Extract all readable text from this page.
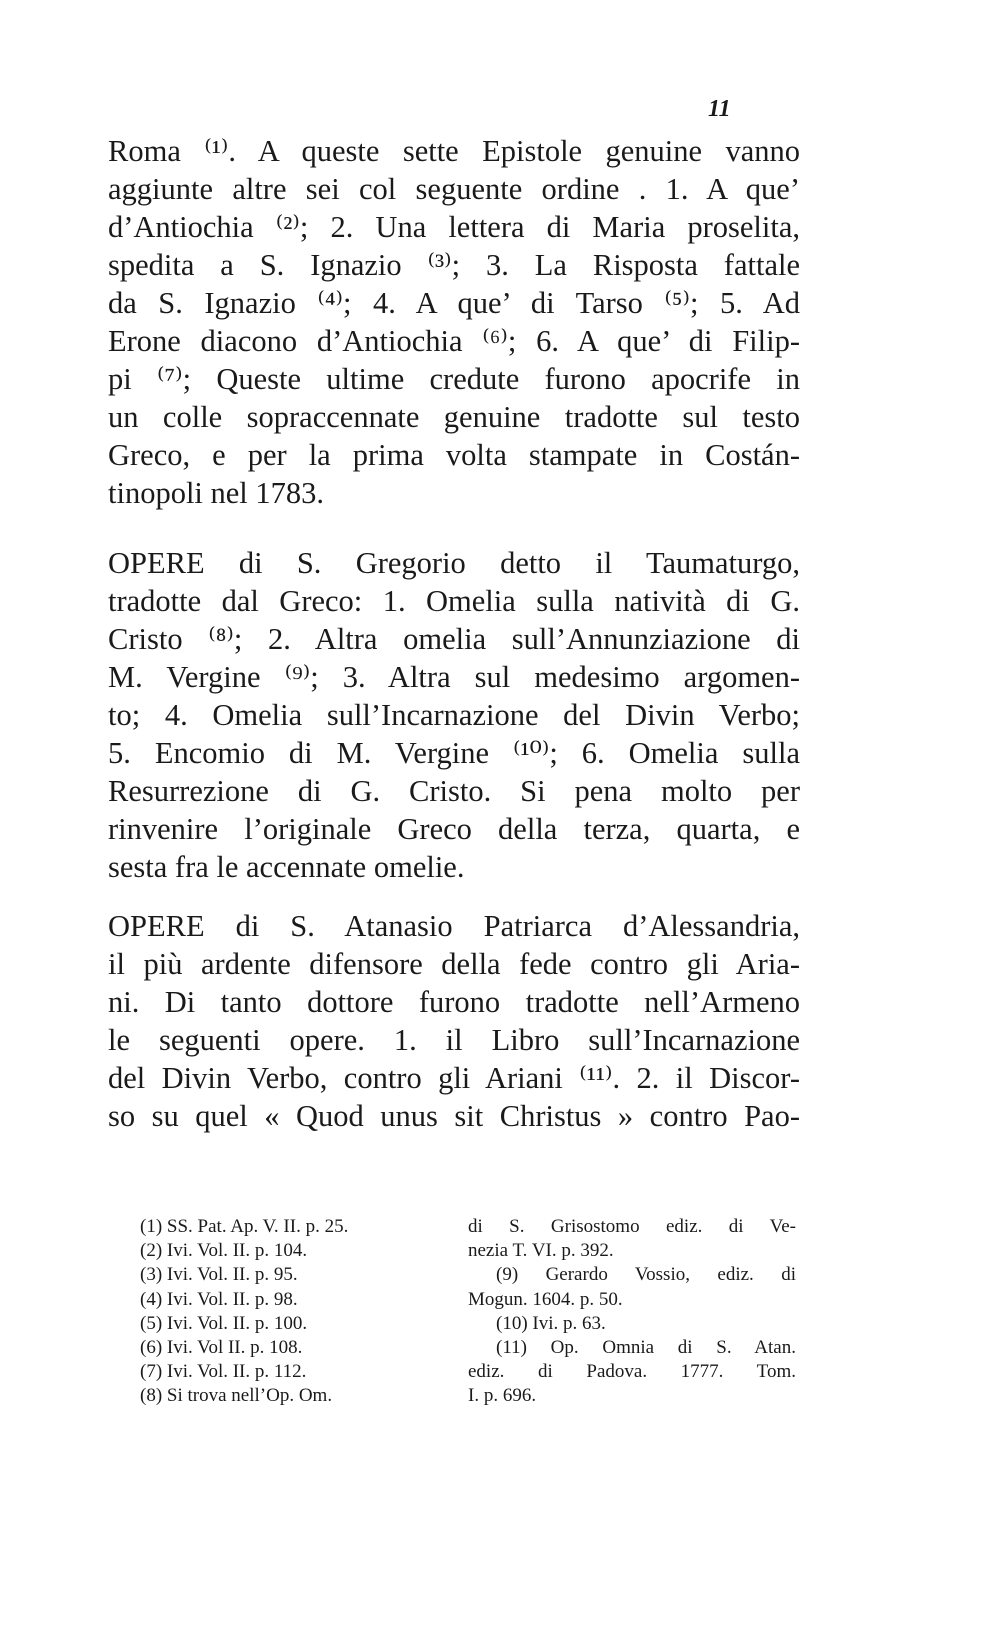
11
Roma ⁽¹⁾. A queste sette Epistole genuine vanno
aggiunte altre sei col seguente ordine . 1. A que’
d’Antiochia ⁽²⁾; 2. Una lettera di Maria proselita,
spedita a S. Ignazio ⁽³⁾; 3. La Risposta fattale
da S. Ignazio ⁽⁴⁾; 4. A que’ di Tarso ⁽⁵⁾; 5. Ad
Erone diacono d’Antiochia ⁽⁶⁾; 6. A que’ di Filip-
pi ⁽⁷⁾; Queste ultime credute furono apocrife in
un colle sopraccennate genuine tradotte sul testo
Greco, e per la prima volta stampate in Costán-
tinopoli nel 1783.
OPERE di S. Gregorio detto il Taumaturgo,
tradotte dal Greco: 1. Omelia sulla natività di G.
Cristo ⁽⁸⁾; 2. Altra omelia sull’Annunziazione di
M. Vergine ⁽⁹⁾; 3. Altra sul medesimo argomen-
to; 4. Omelia sull’Incarnazione del Divin Verbo;
5. Encomio di M. Vergine ⁽¹⁰⁾; 6. Omelia sulla
Resurrezione di G. Cristo. Si pena molto per
rinvenire l’originale Greco della terza, quarta, e
sesta fra le accennate omelie.
OPERE di S. Atanasio Patriarca d’Alessandria,
il più ardente difensore della fede contro gli Aria-
ni. Di tanto dottore furono tradotte nell’Armeno
le seguenti opere. 1. il Libro sull’Incarnazione
del Divin Verbo, contro gli Ariani ⁽¹¹⁾. 2. il Discor-
so su quel « Quod unus sit Christus » contro Pao-
(1) SS. Pat. Ap. V. II. p. 25.
(2) Ivi. Vol. II. p. 104.
(3) Ivi. Vol. II. p. 95.
(4) Ivi. Vol. II. p. 98.
(5) Ivi. Vol. II. p. 100.
(6) Ivi. Vol II. p. 108.
(7) Ivi. Vol. II. p. 112.
(8) Si trova nell’Op. Om.
di S. Grisostomo ediz. di Ve-
nezia T. VI. p. 392.
(9) Gerardo Vossio, ediz. di
Mogun. 1604. p. 50.
(10) Ivi. p. 63.
(11) Op. Omnia di S. Atan.
ediz. di Padova. 1777. Tom.
I. p. 696.
